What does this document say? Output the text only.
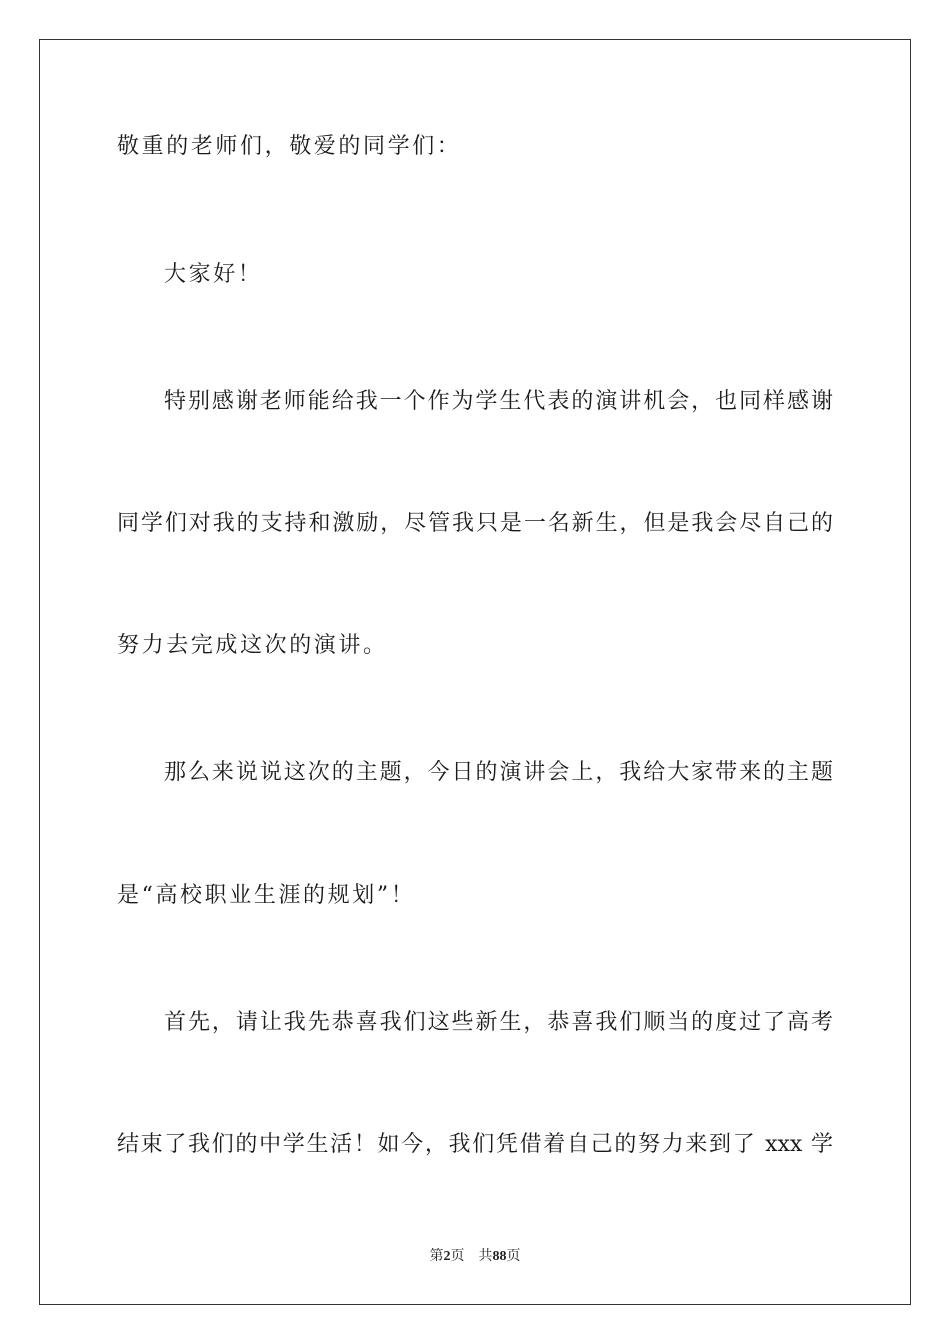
敬重的老师们，敬爱的同学们：
大家好！
特别感谢老师能给我一个作为学生代表的演讲机会，也同样感谢
同学们对我的支持和激励，尽管我只是一名新生，但是我会尽自己的
努力去完成这次的演讲。
那么来说说这次的主题，今日的演讲会上，我给大家带来的主题
是“高校职业生涯的规划”！
首先，请让我先恭喜我们这些新生，恭喜我们顺当的度过了高考
结束了我们的中学生活！如今，我们凭借着自己的努力来到了 xxx 学
第2页 共88页
